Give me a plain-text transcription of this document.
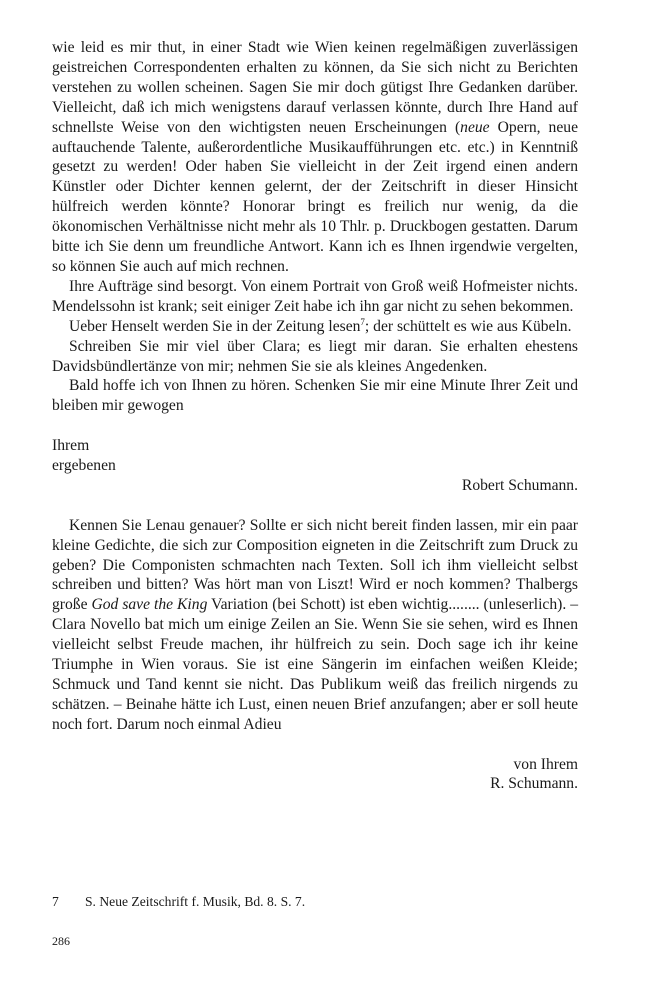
wie leid es mir thut, in einer Stadt wie Wien keinen regelmäßigen zuverlässigen geistreichen Correspondenten erhalten zu können, da Sie sich nicht zu Berichten verstehen zu wollen scheinen. Sagen Sie mir doch gütigst Ihre Gedanken darüber. Vielleicht, daß ich mich wenigstens darauf verlassen könnte, durch Ihre Hand auf schnellste Weise von den wichtigsten neuen Erscheinungen (neue Opern, neue auftauchende Talente, außerordentliche Musikaufführungen etc. etc.) in Kenntniß gesetzt zu werden! Oder haben Sie vielleicht in der Zeit irgend einen andern Künstler oder Dichter kennen gelernt, der der Zeitschrift in dieser Hinsicht hülfreich werden könnte? Honorar bringt es freilich nur wenig, da die ökonomischen Verhältnisse nicht mehr als 10 Thlr. p. Druckbogen gestatten. Darum bitte ich Sie denn um freundliche Antwort. Kann ich es Ihnen irgendwie vergelten, so können Sie auch auf mich rechnen.

Ihre Aufträge sind besorgt. Von einem Portrait von Groß weiß Hofmeister nichts. Mendelssohn ist krank; seit einiger Zeit habe ich ihn gar nicht zu sehen bekommen.

Ueber Henselt werden Sie in der Zeitung lesen$^7$; der schüttelt es wie aus Kübeln.

Schreiben Sie mir viel über Clara; es liegt mir daran. Sie erhalten ehestens Davidsbündlertänze von mir; nehmen Sie sie als kleines Angedenken.

Bald hoffe ich von Ihnen zu hören. Schenken Sie mir eine Minute Ihrer Zeit und bleiben mir gewogen

Ihrem

ergebenen

Robert Schumann.

Kennen Sie Lenau genauer? Sollte er sich nicht bereit finden lassen, mir ein paar kleine Gedichte, die sich zur Composition eigneten in die Zeitschrift zum Druck zu geben? Die Componisten schmachten nach Texten. Soll ich ihm vielleicht selbst schreiben und bitten? Was hört man von Liszt! Wird er noch kommen? Thalbergs große God save the King Variation (bei Schott) ist eben wichtig........ (unleserlich). – Clara Novello bat mich um einige Zeilen an Sie. Wenn Sie sie sehen, wird es Ihnen vielleicht selbst Freude machen, ihr hülfreich zu sein. Doch sage ich ihr keine Triumphe in Wien voraus. Sie ist eine Sängerin im einfachen weißen Kleide; Schmuck und Tand kennt sie nicht. Das Publikum weiß das freilich nirgends zu schätzen. – Beinahe hätte ich Lust, einen neuen Brief anzufangen; aber er soll heute noch fort. Darum noch einmal Adieu

von Ihrem

R. Schumann.

7 S. Neue Zeitschrift f. Musik, Bd. 8. S. 7.
286
